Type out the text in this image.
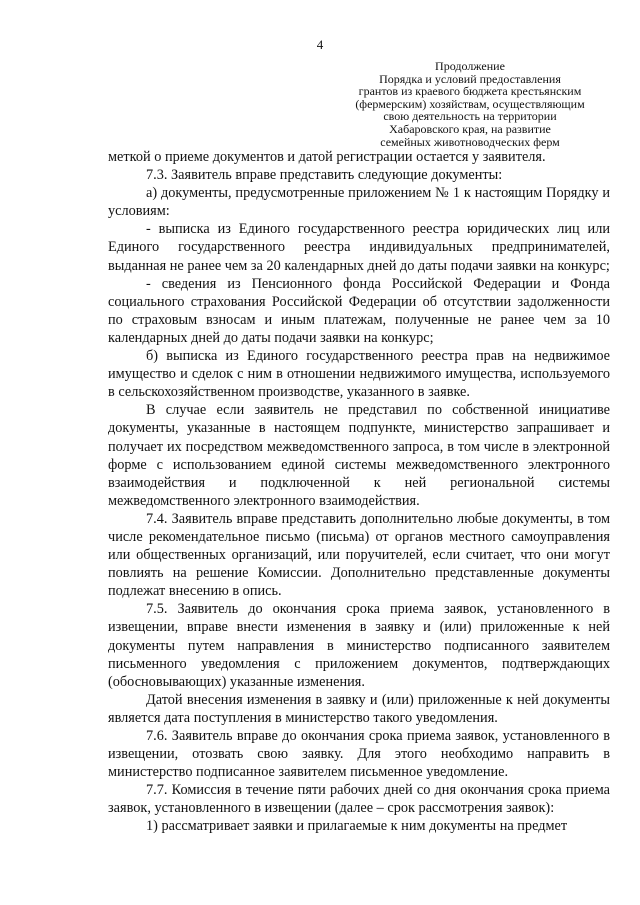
4
Продолжение
Порядка и условий предоставления
грантов из краевого бюджета крестьянским
(фермерским) хозяйствам, осуществляющим
свою деятельность на территории
Хабаровского края, на развитие
семейных животноводческих ферм

меткой о приеме документов и датой регистрации остается у заявителя.

7.3. Заявитель вправе представить следующие документы:

а) документы, предусмотренные приложением № 1 к настоящим Порядку и условиям:

- выписка из Единого государственного реестра юридических лиц или Единого государственного реестра индивидуальных предпринимателей, выданная не ранее чем за 20 календарных дней до даты подачи заявки на конкурс;

- сведения из Пенсионного фонда Российской Федерации и Фонда социального страхования Российской Федерации об отсутствии задолженности по страховым взносам и иным платежам, полученные не ранее чем за 10 календарных дней до даты подачи заявки на конкурс;

б) выписка из Единого государственного реестра прав на недвижимое имущество и сделок с ним в отношении недвижимого имущества, используемого в сельскохозяйственном производстве, указанного в заявке.

В случае если заявитель не представил по собственной инициативе документы, указанные в настоящем подпункте, министерство запрашивает и получает их посредством межведомственного запроса, в том числе в электронной форме с использованием единой системы межведомственного электронного взаимодействия и подключенной к ней региональной системы межведомственного электронного взаимодействия.

7.4. Заявитель вправе представить дополнительно любые документы, в том числе рекомендательное письмо (письма) от органов местного самоуправления или общественных организаций, или поручителей, если считает, что они могут повлиять на решение Комиссии. Дополнительно представленные документы подлежат внесению в опись.

7.5. Заявитель до окончания срока приема заявок, установленного в извещении, вправе внести изменения в заявку и (или) приложенные к ней документы путем направления в министерство подписанного заявителем письменного уведомления с приложением документов, подтверждающих (обосновывающих) указанные изменения.

Датой внесения изменения в заявку и (или) приложенные к ней документы является дата поступления в министерство такого уведомления.

7.6. Заявитель вправе до окончания срока приема заявок, установленного в извещении, отозвать свою заявку. Для этого необходимо направить в министерство подписанное заявителем письменное уведомление.

7.7. Комиссия в течение пяти рабочих дней со дня окончания срока приема заявок, установленного в извещении (далее – срок рассмотрения заявок):

1) рассматривает заявки и прилагаемые к ним документы на предмет
